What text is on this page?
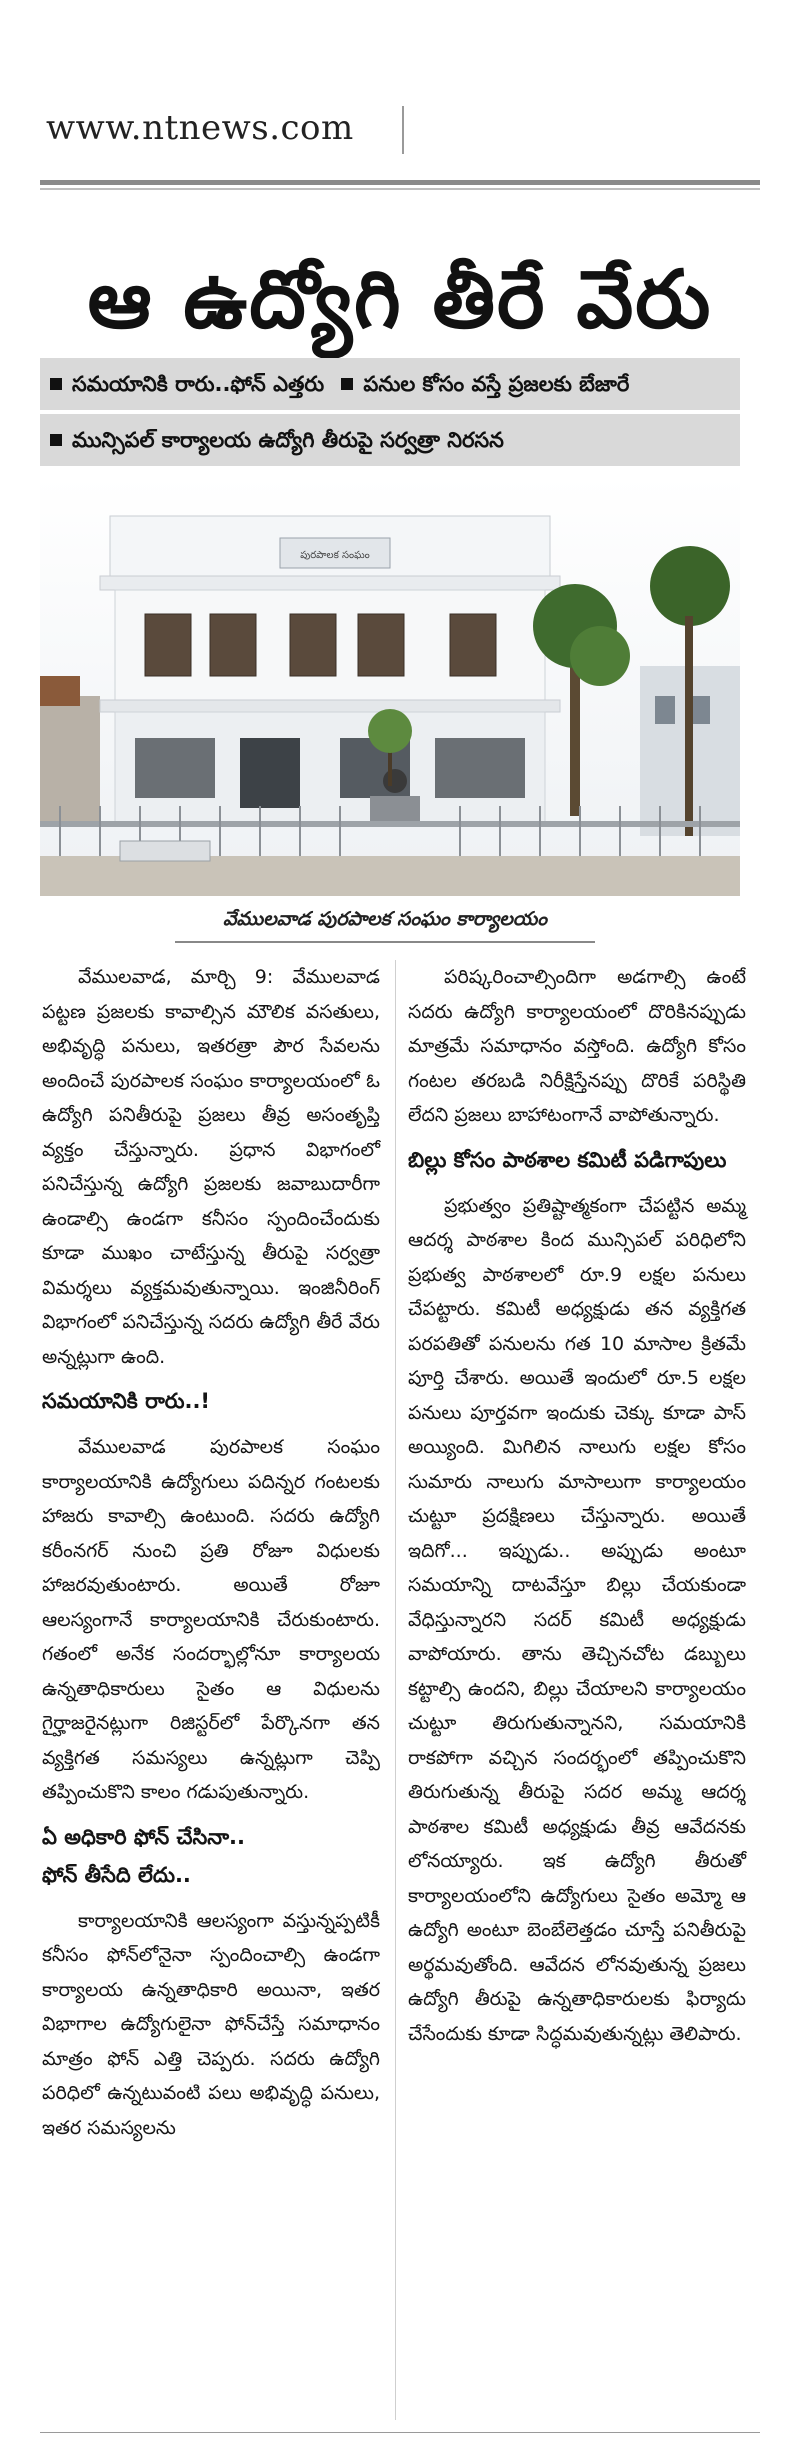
www.ntnews.com
ఆ ఉద్యోగి తీరే వేరు
సమయానికి రారు..ఫోన్ ఎత్తరు పనుల కోసం వస్తే ప్రజలకు బేజారే
మున్సిపల్ కార్యాలయ ఉద్యోగి తీరుపై సర్వత్రా నిరసన
పురపాలక సంఘం
వేములవాడ పురపాలక సంఘం కార్యాలయం

వేములవాడ, మార్చి 9: వేములవాడ పట్టణ ప్రజలకు కావాల్సిన మౌలిక వసతులు, అభివృద్ధి పనులు, ఇతరత్రా పౌర సేవలను అందించే పురపాలక సంఘం కార్యాలయంలో ఓ ఉద్యోగి పనితీరుపై ప్రజలు తీవ్ర అసంతృప్తి వ్యక్తం చేస్తున్నారు. ప్రధాన విభాగంలో పనిచేస్తున్న ఉద్యోగి ప్రజలకు జవాబుదారీగా ఉండాల్సి ఉండగా కనీసం స్పందించేందుకు కూడా ముఖం చాటేస్తున్న తీరుపై సర్వత్రా విమర్శలు వ్యక్తమవుతున్నాయి. ఇంజినీరింగ్ విభాగంలో పనిచేస్తున్న సదరు ఉద్యోగి తీరే వేరు అన్నట్లుగా ఉంది.

సమయానికి రారు..!

వేములవాడ పురపాలక సంఘం కార్యాలయానికి ఉద్యోగులు పదిన్నర గంటలకు హాజరు కావాల్సి ఉంటుంది. సదరు ఉద్యోగి కరీంనగర్ నుంచి ప్రతి రోజూ విధులకు హాజరవుతుంటారు. అయితే రోజూ ఆలస్యంగానే కార్యాలయానికి చేరుకుంటారు. గతంలో అనేక సందర్భాల్లోనూ కార్యాలయ ఉన్నతాధికారులు సైతం ఆ విధులను గైర్హాజరైనట్లుగా రిజిస్టర్‌లో పేర్కొనగా తన వ్యక్తిగత సమస్యలు ఉన్నట్లుగా చెప్పి తప్పించుకొని కాలం గడుపుతున్నారు.

ఏ అధికారి ఫోన్ చేసినా..
ఫోన్ తీసేది లేదు..

కార్యాలయానికి ఆలస్యంగా వస్తున్నప్పటికీ కనీసం ఫోన్‌లోనైనా స్పందించాల్సి ఉండగా కార్యాలయ ఉన్నతాధికారి అయినా, ఇతర విభాగాల ఉద్యోగులైనా ఫోన్‌చేస్తే సమాధానం మాత్రం ఫోన్ ఎత్తి చెప్పరు. సదరు ఉద్యోగి పరిధిలో ఉన్నటువంటి పలు అభివృద్ధి పనులు, ఇతర సమస్యలను

పరిష్కరించాల్సిందిగా అడగాల్సి ఉంటే సదరు ఉద్యోగి కార్యాలయంలో దొరికినప్పుడు మాత్రమే సమాధానం వస్తోంది. ఉద్యోగి కోసం గంటల తరబడి నిరీక్షిస్తేనప్పు దొరికే పరిస్థితి లేదని ప్రజలు బాహాటంగానే వాపోతున్నారు.

బిల్లు కోసం పాఠశాల కమిటీ పడిగాపులు

ప్రభుత్వం ప్రతిష్టాత్మకంగా చేపట్టిన అమ్మ ఆదర్శ పాఠశాల కింద మున్సిపల్ పరిధిలోని ప్రభుత్వ పాఠశాలలో రూ.9 లక్షల పనులు చేపట్టారు. కమిటీ అధ్యక్షుడు తన వ్యక్తిగత పరపతితో పనులను గత 10 మాసాల క్రితమే పూర్తి చేశారు. అయితే ఇందులో రూ.5 లక్షల పనులు పూర్తవగా ఇందుకు చెక్కు కూడా పాస్ అయ్యింది. మిగిలిన నాలుగు లక్షల కోసం సుమారు నాలుగు మాసాలుగా కార్యాలయం చుట్టూ ప్రదక్షిణలు చేస్తున్నారు. అయితే ఇదిగో... ఇప్పుడు.. అప్పుడు అంటూ సమయాన్ని దాటవేస్తూ బిల్లు చేయకుండా వేధిస్తున్నారని సదర్ కమిటీ అధ్యక్షుడు వాపోయారు. తాను తెచ్చినచోట డబ్బులు కట్టాల్సి ఉందని, బిల్లు చేయాలని కార్యాలయం చుట్టూ తిరుగుతున్నానని, సమయానికి రాకపోగా వచ్చిన సందర్భంలో తప్పించుకొని తిరుగుతున్న తీరుపై సదర అమ్మ ఆదర్శ పాఠశాల కమిటీ అధ్యక్షుడు తీవ్ర ఆవేదనకు లోనయ్యారు. ఇక ఉద్యోగి తీరుతో కార్యాలయంలోని ఉద్యోగులు సైతం అమ్మో ఆ ఉద్యోగి అంటూ బెంబేలెత్తడం చూస్తే పనితీరుపై అర్థమవుతోంది. ఆవేదన లోనవుతున్న ప్రజలు ఉద్యోగి తీరుపై ఉన్నతాధికారులకు ఫిర్యాదు చేసేందుకు కూడా సిద్ధమవుతున్నట్లు తెలిపారు.
